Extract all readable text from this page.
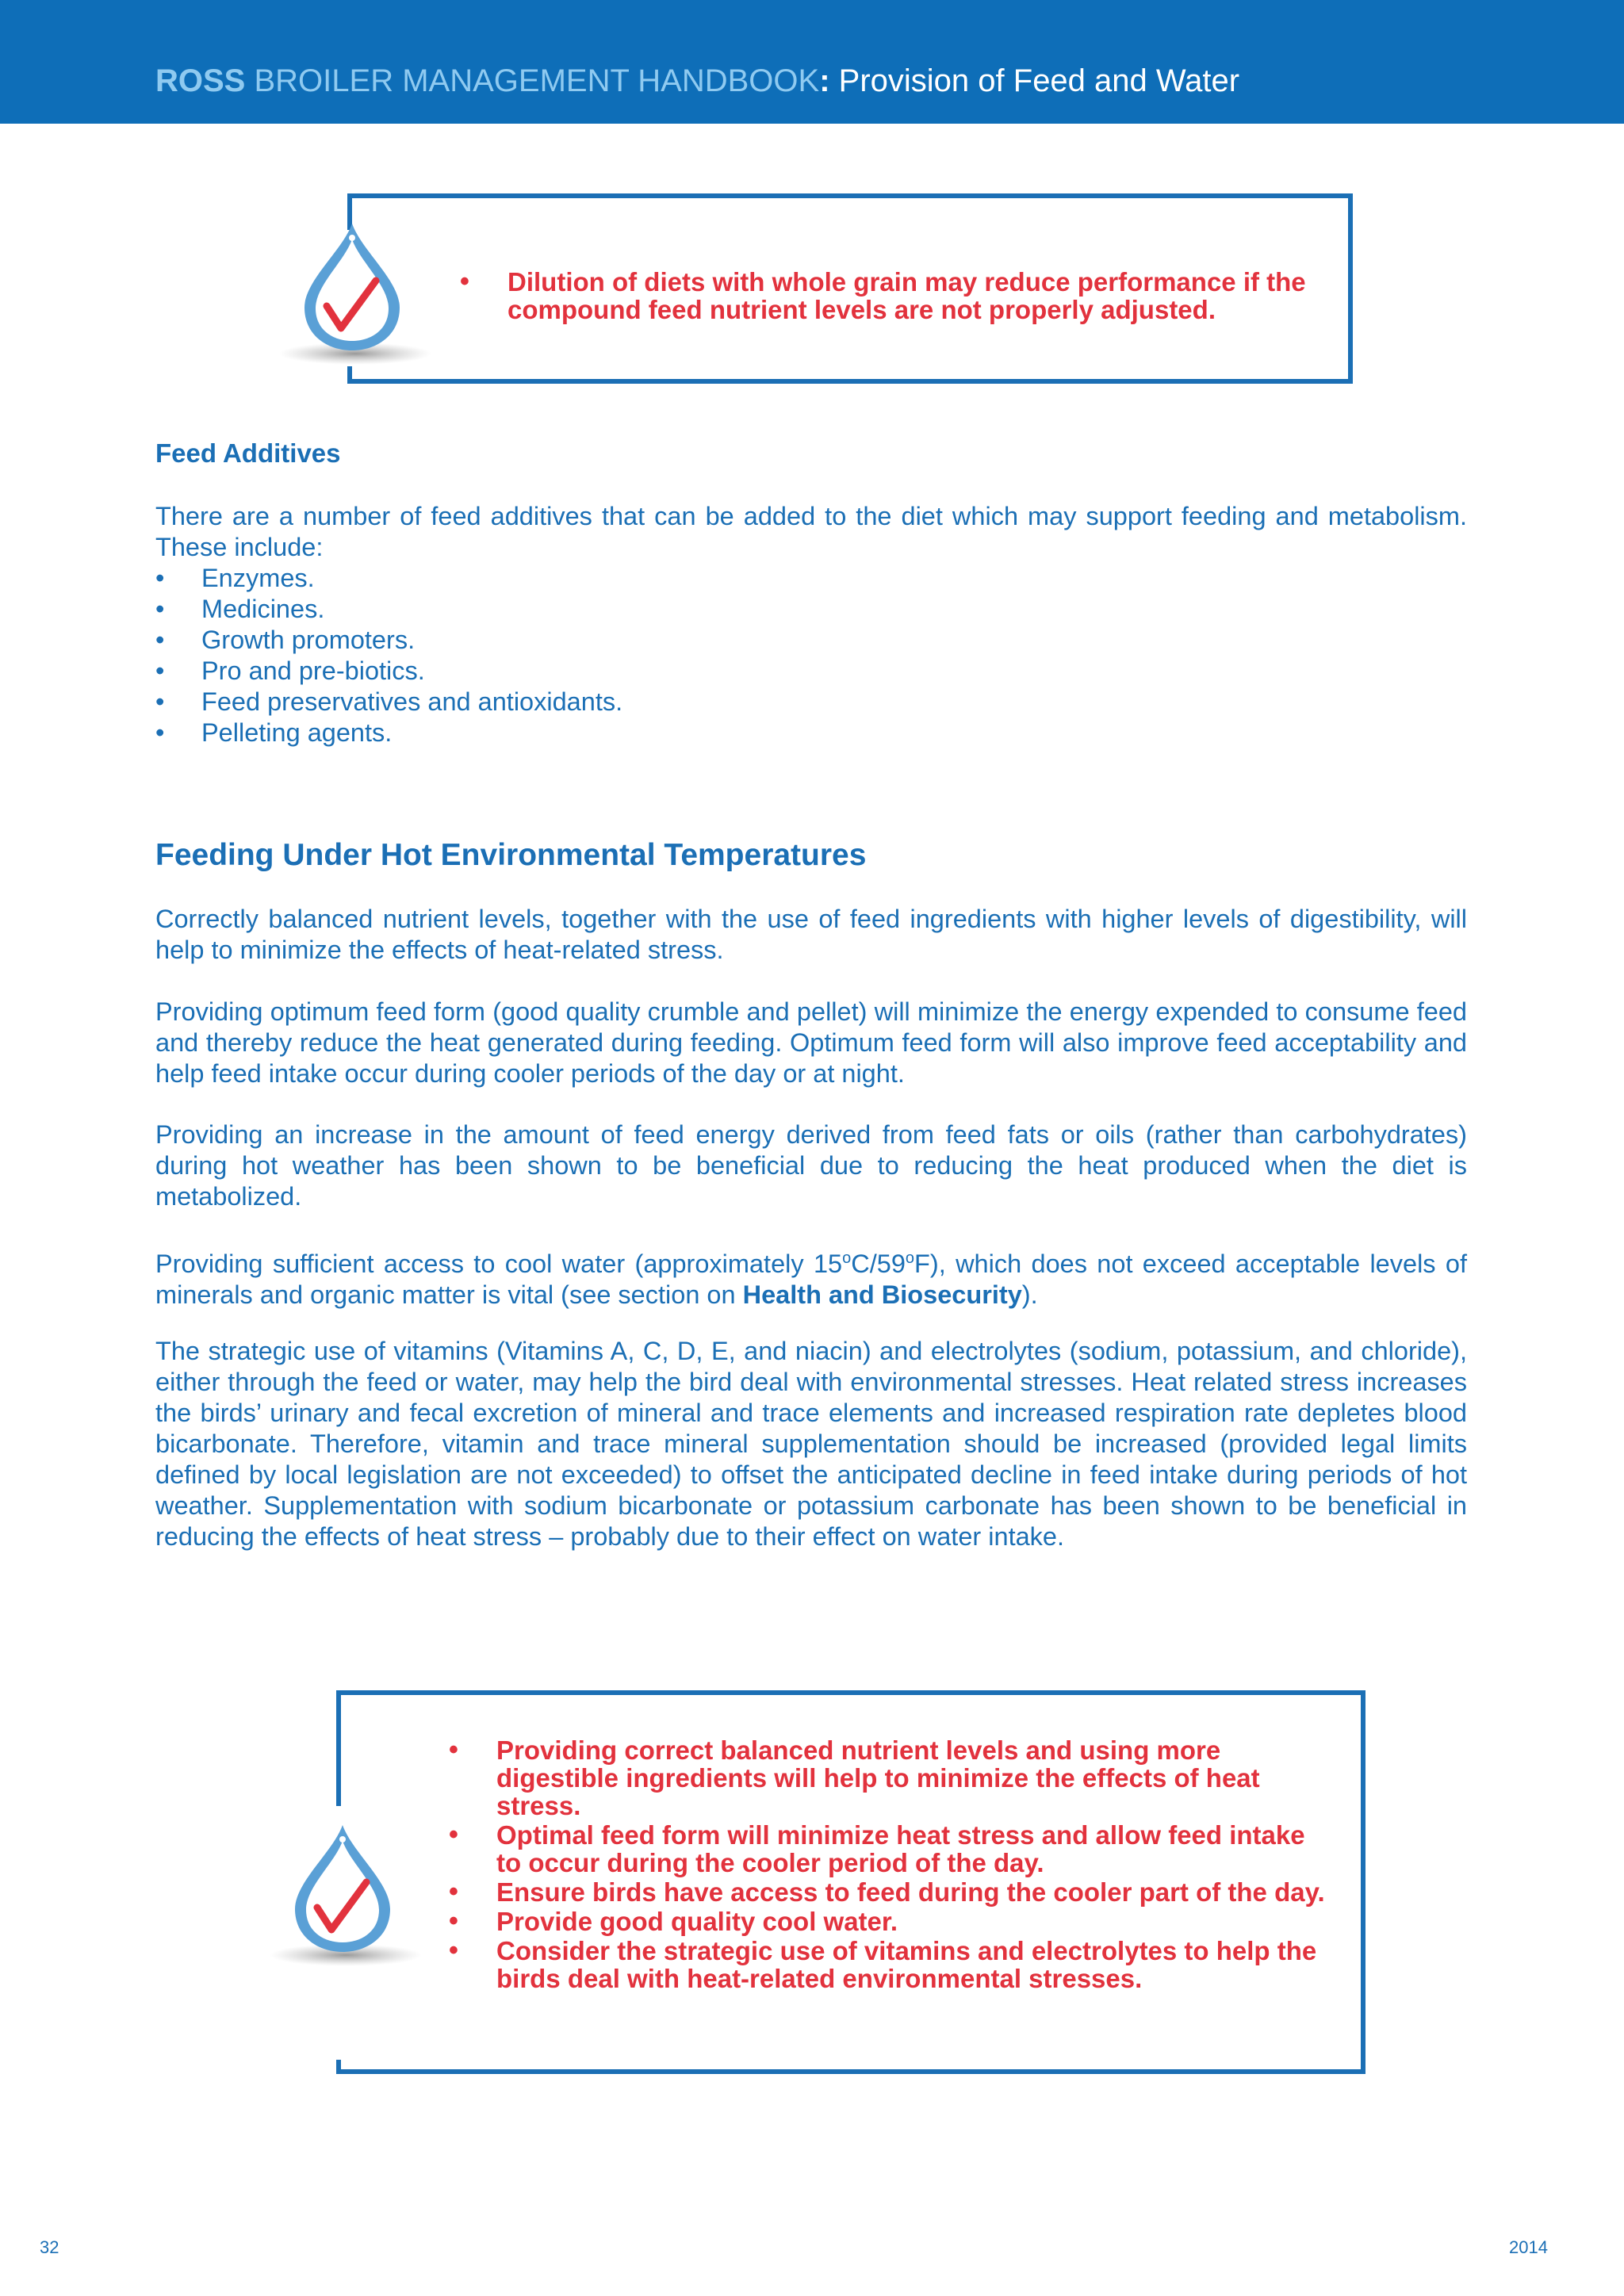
ROSS BROILER MANAGEMENT HANDBOOK: Provision of Feed and Water
• Dilution of diets with whole grain may reduce performance if the compound feed nutrient levels are not properly adjusted.
Feed Additives

There are a number of feed additives that can be added to the diet which may support feeding and metabolism. These include:

• Enzymes.
• Medicines.
• Growth promoters.
• Pro and pre-biotics.
• Feed preservatives and antioxidants.
• Pelleting agents.
Feeding Under Hot Environmental Temperatures

Correctly balanced nutrient levels, together with the use of feed ingredients with higher levels of digestibility, will help to minimize the effects of heat-related stress.

Providing optimum feed form (good quality crumble and pellet) will minimize the energy expended to consume feed and thereby reduce the heat generated during feeding. Optimum feed form will also improve feed acceptability and help feed intake occur during cooler periods of the day or at night.

Providing an increase in the amount of feed energy derived from feed fats or oils (rather than carbohydrates) during hot weather has been shown to be beneficial due to reducing the heat produced when the diet is metabolized.

Providing sufficient access to cool water (approximately 15$^o$C/59$^o$F), which does not exceed acceptable levels of minerals and organic matter is vital (see section on Health and Biosecurity).

The strategic use of vitamins (Vitamins A, C, D, E, and niacin) and electrolytes (sodium, potassium, and chloride), either through the feed or water, may help the bird deal with environmental stresses. Heat related stress increases the birds’ urinary and fecal excretion of mineral and trace elements and increased respiration rate depletes blood bicarbonate. Therefore, vitamin and trace mineral supplementation should be increased (provided legal limits defined by local legislation are not exceeded) to offset the anticipated decline in feed intake during periods of hot weather. Supplementation with sodium bicarbonate or potassium carbonate has been shown to be beneficial in reducing the effects of heat stress – probably due to their effect on water intake.

• Providing correct balanced nutrient levels and using more digestible ingredients will help to minimize the effects of heat stress.
• Optimal feed form will minimize heat stress and allow feed intake to occur during the cooler period of the day.
• Ensure birds have access to feed during the cooler part of the day.
• Provide good quality cool water.
• Consider the strategic use of vitamins and electrolytes to help the birds deal with heat-related environmental stresses.
32	2014
